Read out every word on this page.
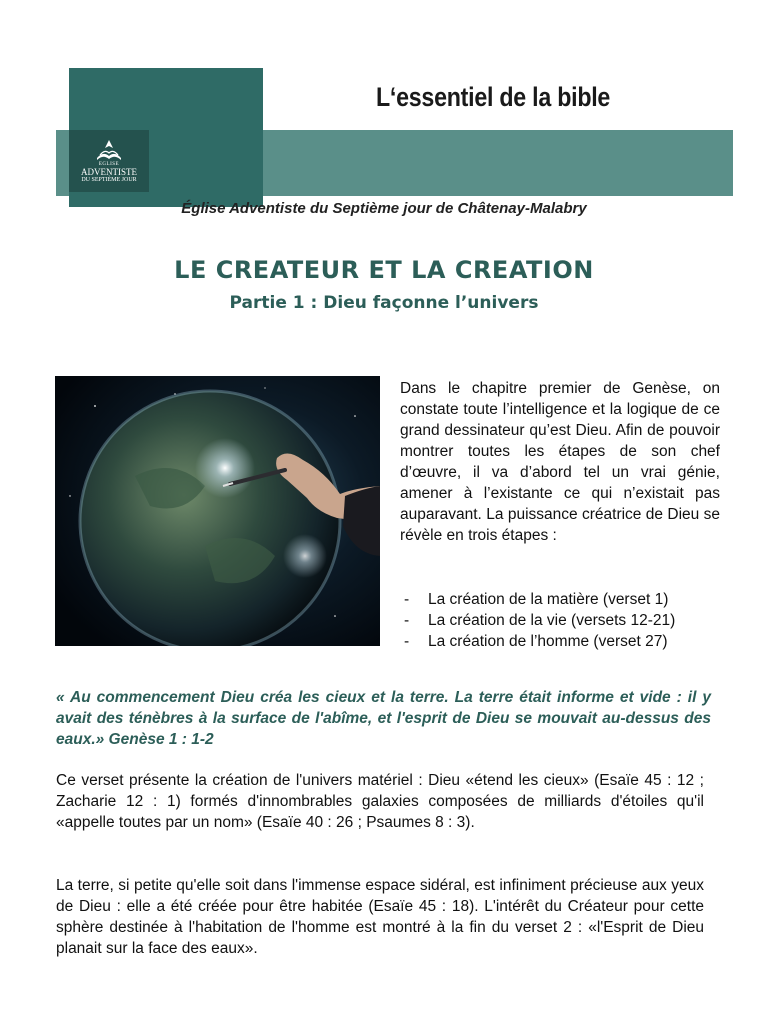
EGLISE
ADVENTISTE
DU SEPTIÈME JOUR
L‘essentiel de la bible
Église Adventiste du Septième jour de Châtenay-Malabry
LE CREATEUR ET LA CREATION
Partie 1 : Dieu façonne l’univers

Dans le chapitre premier de Genèse, on constate toute l’intelligence et la logique de ce grand dessinateur qu’est Dieu. Afin de pouvoir montrer toutes les étapes de son chef d’œuvre, il va d’abord tel un vrai génie, amener à l’existante ce qui n’existait pas auparavant. La puissance créatrice de Dieu se révèle en trois étapes :

-	La création de la matière (verset 1)
-	La création de la vie (versets 12-21)
-	La création de l’homme (verset 27)

« Au commencement Dieu créa les cieux et la terre. La terre était informe et vide : il y avait des ténèbres à la surface de l'abîme, et l'esprit de Dieu se mouvait au-dessus des eaux.» Genèse 1 : 1-2

Ce verset présente la création de l'univers matériel : Dieu «étend les cieux» (Esaïe 45 : 12 ; Zacharie 12 : 1) formés d'innombrables galaxies composées de milliards d'étoiles qu'il «appelle toutes par un nom» (Esaïe 40 : 26 ; Psaumes 8 : 3).

La terre, si petite qu'elle soit dans l'immense espace sidéral, est infiniment précieuse aux yeux de Dieu : elle a été créée pour être habitée (Esaïe 45 : 18). L'intérêt du Créateur pour cette sphère destinée à l'habitation de l'homme est montré à la fin du verset 2 : «l'Esprit de Dieu planait sur la face des eaux».
